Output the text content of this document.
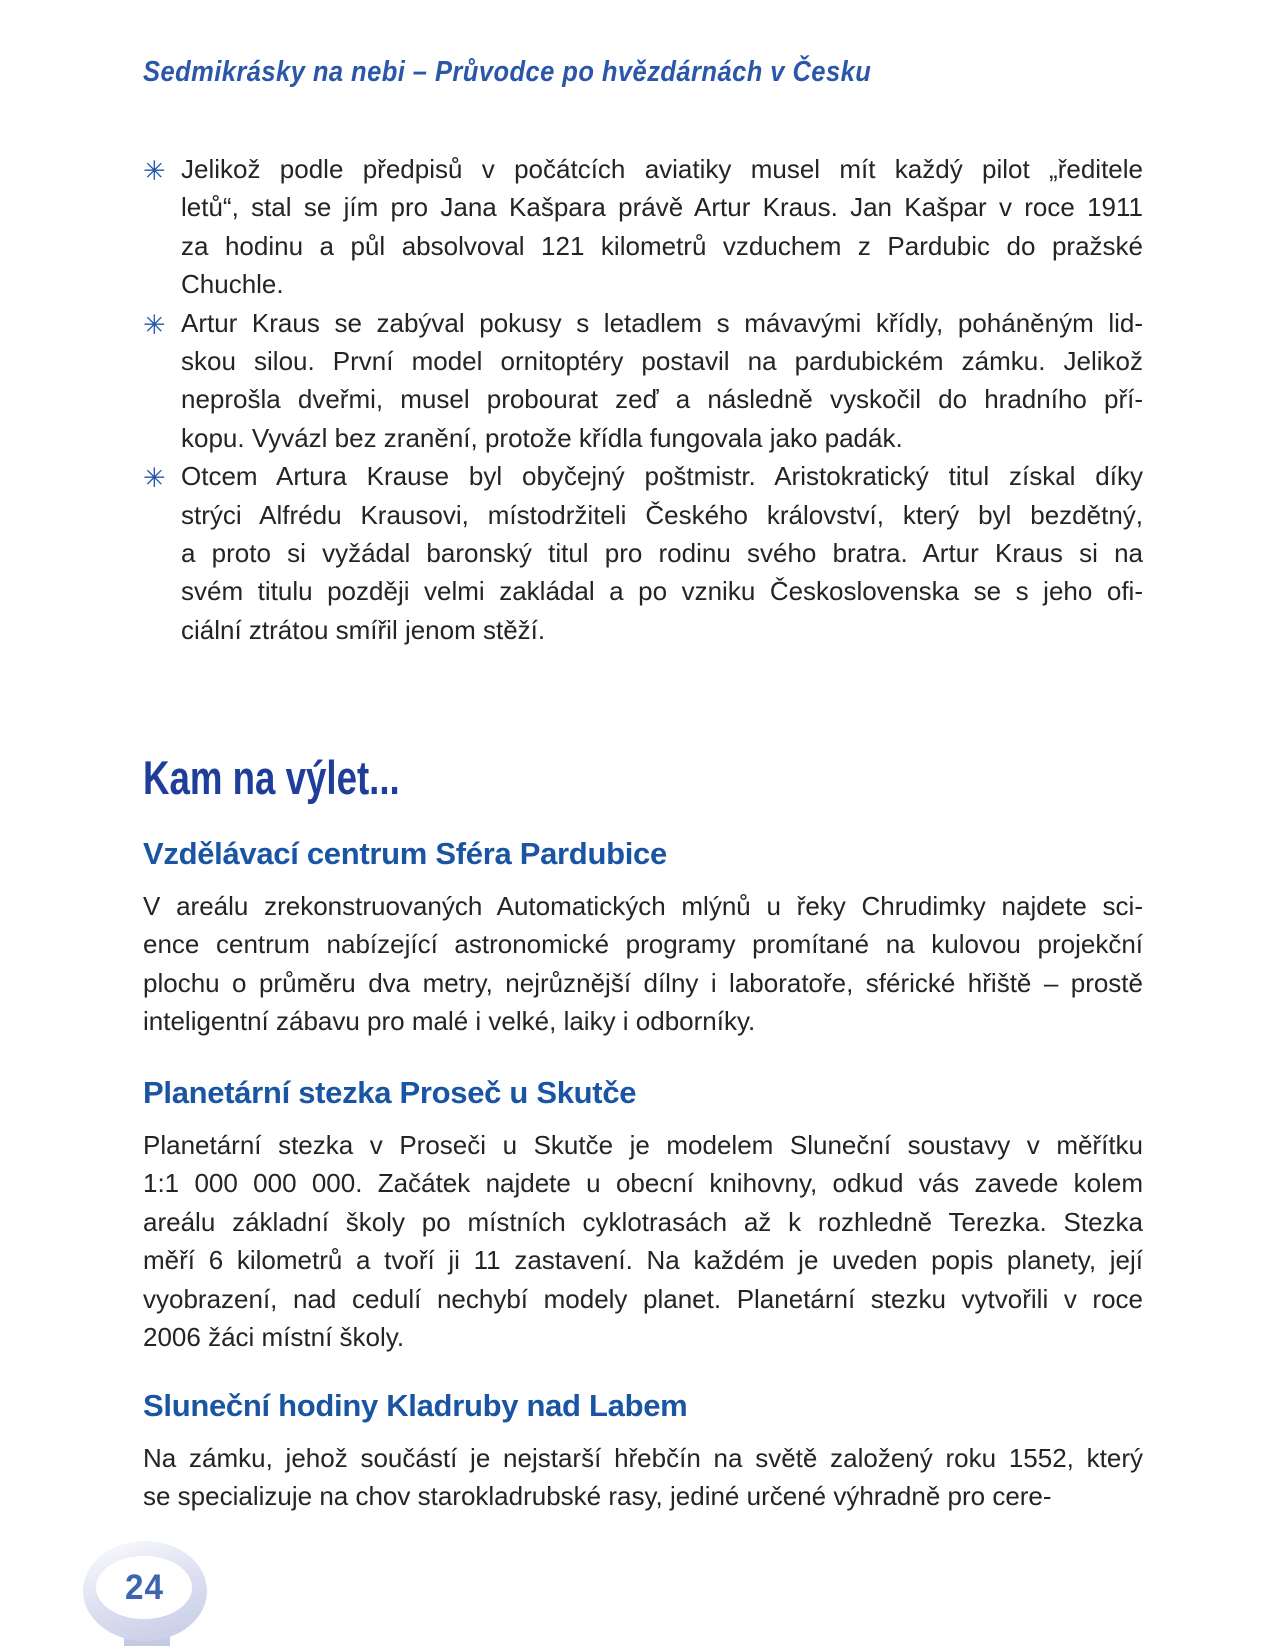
Sedmikrásky na nebi – Průvodce po hvězdárnách v Česku
✳ Jelikož podle předpisů v počátcích aviatiky musel mít každý pilot „ředitele
letů“, stal se jím pro Jana Kašpara právě Artur Kraus. Jan Kašpar v roce 1911
za hodinu a půl absolvoval 121 kilometrů vzduchem z Pardubic do pražské
Chuchle.
✳ Artur Kraus se zabýval pokusy s letadlem s mávavými křídly, poháněným lid-
skou silou. První model ornitoptéry postavil na pardubickém zámku. Jelikož
neprošla dveřmi, musel probourat zeď a následně vyskočil do hradního pří-
kopu. Vyvázl bez zranění, protože křídla fungovala jako padák.
✳ Otcem Artura Krause byl obyčejný poštmistr. Aristokratický titul získal díky
strýci Alfrédu Krausovi, místodržiteli Českého království, který byl bezdětný,
a proto si vyžádal baronský titul pro rodinu svého bratra. Artur Kraus si na
svém titulu později velmi zakládal a po vzniku Československa se s jeho ofi-
ciální ztrátou smířil jenom stěží.
Kam na výlet...
Vzdělávací centrum Sféra Pardubice
V areálu zrekonstruovaných Automatických mlýnů u řeky Chrudimky najdete sci-
ence centrum nabízející astronomické programy promítané na kulovou projekční
plochu o průměru dva metry, nejrůznější dílny i laboratoře, sférické hřiště – prostě
inteligentní zábavu pro malé i velké, laiky i odborníky.
Planetární stezka Proseč u Skutče
Planetární stezka v Proseči u Skutče je modelem Sluneční soustavy v měřítku
1:1 000 000 000. Začátek najdete u obecní knihovny, odkud vás zavede kolem
areálu základní školy po místních cyklotrasách až k rozhledně Terezka. Stezka
měří 6 kilometrů a tvoří ji 11 zastavení. Na každém je uveden popis planety, její
vyobrazení, nad cedulí nechybí modely planet. Planetární stezku vytvořili v roce
2006 žáci místní školy.
Sluneční hodiny Kladruby nad Labem
Na zámku, jehož součástí je nejstarší hřebčín na světě založený roku 1552, který
se specializuje na chov starokladrubské rasy, jediné určené výhradně pro cere-
24
